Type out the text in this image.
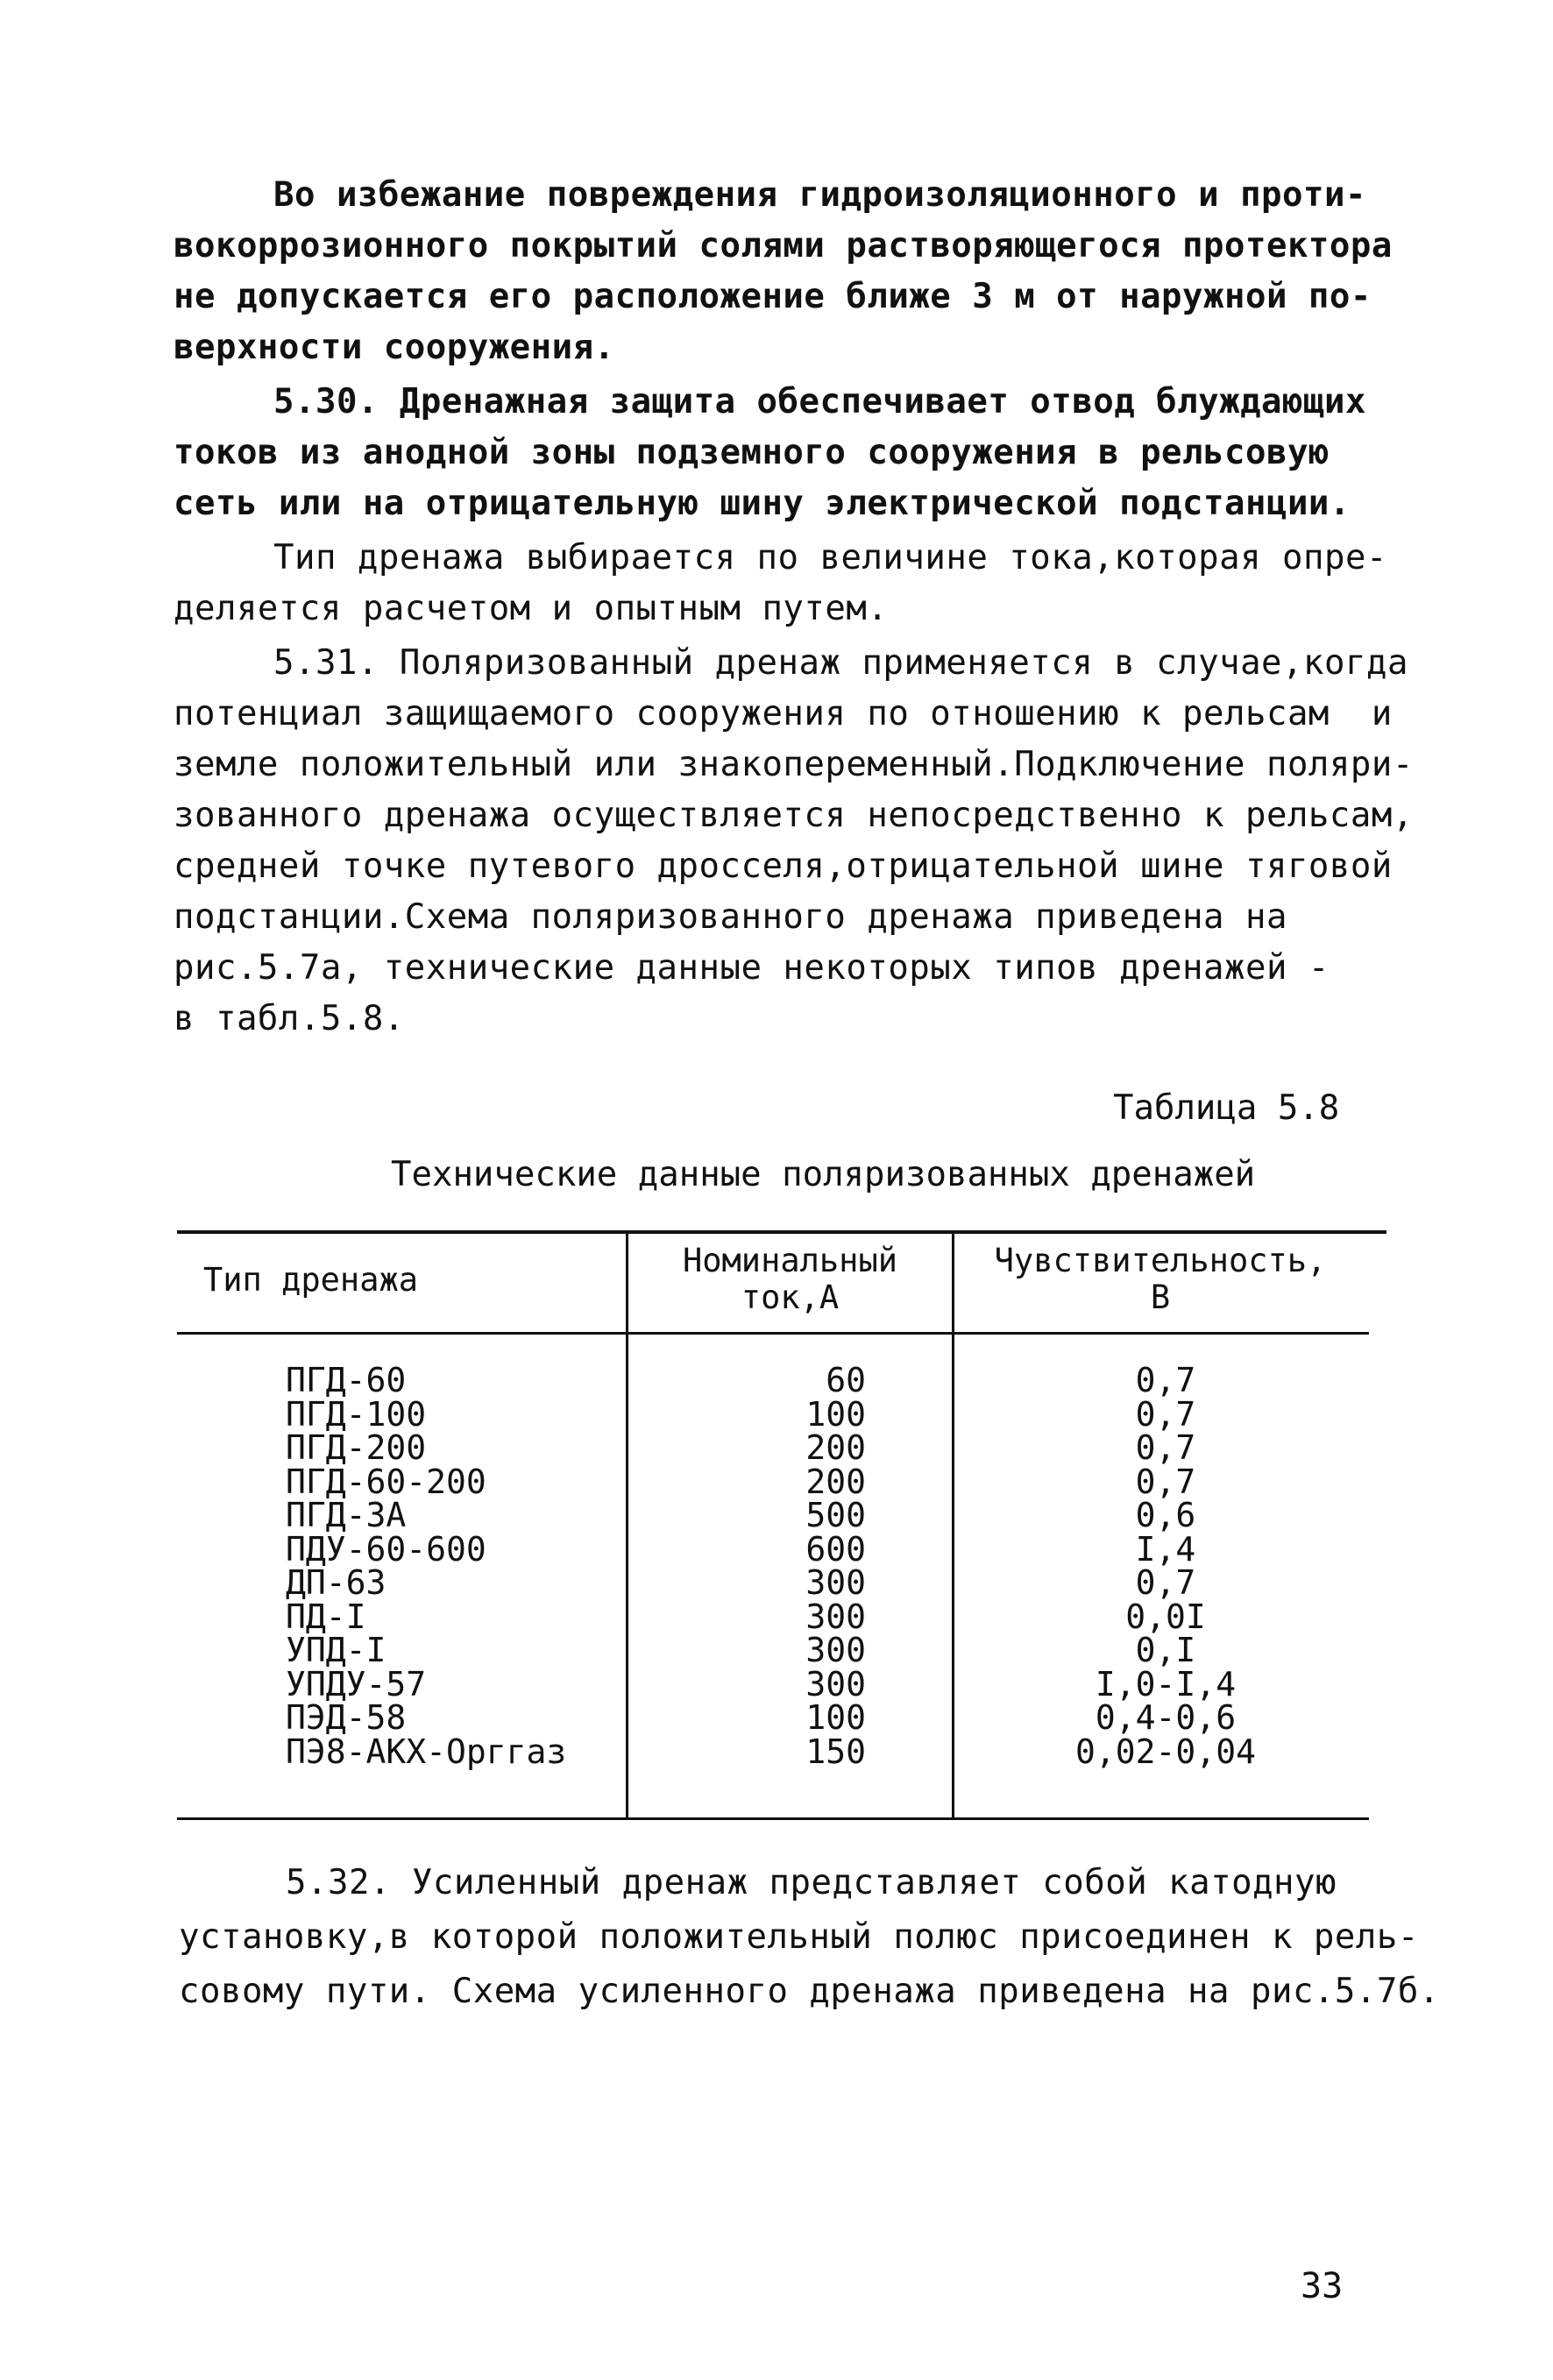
Во избежание повреждения гидроизоляционного и проти-
вокоррозионного покрытий солями растворяющегося протектора
не допускается его расположение ближе 3 м от наружной по-
верхности сооружения.
5.30. Дренажная защита обеспечивает отвод блуждающих
токов из анодной зоны подземного сооружения в рельсовую
сеть или на отрицательную шину электрической подстанции.
Тип дренажа выбирается по величине тока,которая опре-
деляется расчетом и опытным путем.
5.31. Поляризованный дренаж применяется в случае,когда
потенциал защищаемого сооружения по отношению к рельсам  и
земле положительный или знакопеременный.Подключение поляри-
зованного дренажа осуществляется непосредственно к рельсам,
средней точке путевого дросселя,отрицательной шине тяговой
подстанции.Схема поляризованного дренажа приведена на
рис.5.7а, технические данные некоторых типов дренажей -
в табл.5.8.
Таблица 5.8
Технические данные поляризованных дренажей
Тип дренажа
Номинальный
ток,А
Чувствительность,
В
ПГД-60
ПГД-100
ПГД-200
ПГД-60-200
ПГД-3А
ПДУ-60-600
ДП-63
ПД-I
УПД-I
УПДУ-57
ПЭД-58
ПЭ8-АКХ-Орггаз
60
100
200
200
500
600
300
300
300
300
100
150
0,7
0,7
0,7
0,7
0,6
I,4
0,7
0,0I
0,I
I,0-I,4
0,4-0,6
0,02-0,04
5.32. Усиленный дренаж представляет собой катодную
установку,в которой положительный полюс присоединен к рель-
совому пути. Схема усиленного дренажа приведена на рис.5.7б.
33
